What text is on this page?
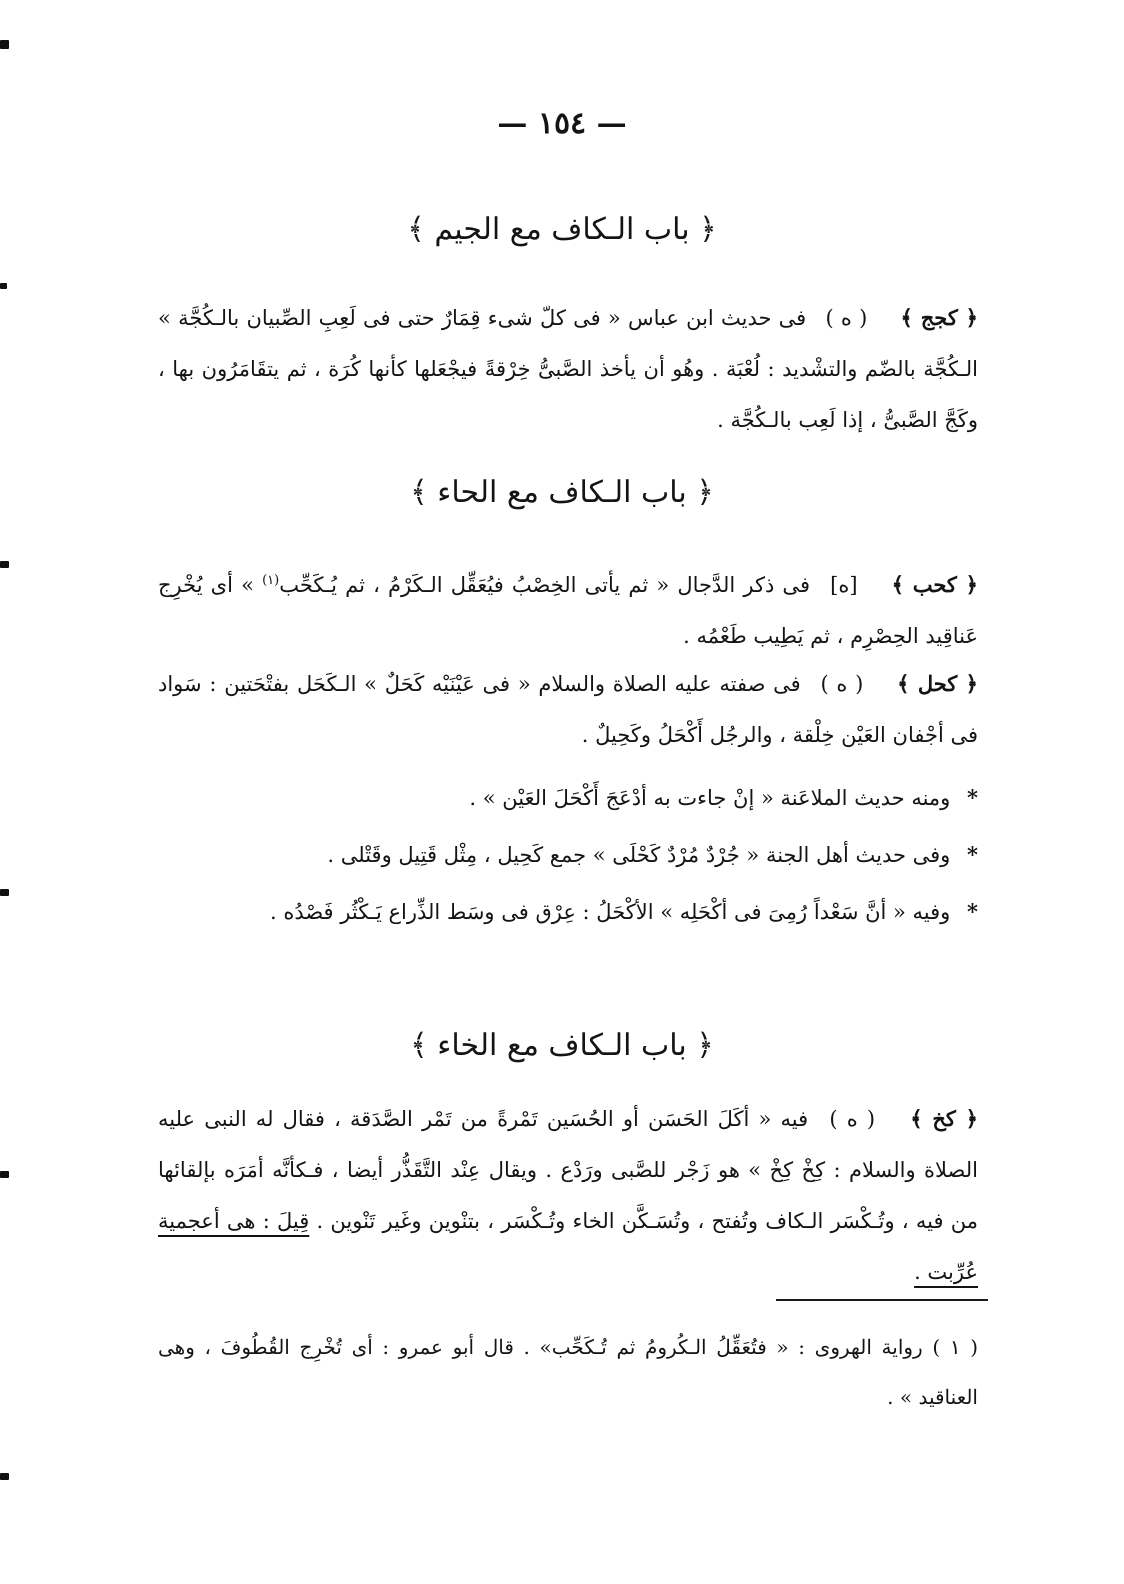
— ١٥٤ —
﴿ باب الـكاف مع الجيم ﴾
﴿ كجج ﴾ ( ه ) فى حديث ابن عباس « فى كلّ شىء قِمَارٌ حتى فى لَعِبِ الصِّبيان بالـكُجَّة » الـكُجَّة بالضّم والتشْديد : لُعْبَة . وهُو أن يأخذ الصَّبىُّ خِرْقةً فيجْعَلها كأنها كُرَة ، ثم يتقَامَرُون بها ، وكَجَّ الصَّبىُّ ، إذا لَعِب بالـكُجَّة .
﴿ باب الـكاف مع الحاء ﴾
﴿ كحب ﴾ [ه] فى ذكر الدَّجال « ثم يأتى الخِصْبُ فيُعَقِّل الـكَرْمُ ، ثم يُـكَحِّب$^{(١)}$ » أى يُخْرِج عَناقِيد الحِصْرِم ، ثم يَطِيب طَعْمُه .
﴿ كحل ﴾ ( ه ) فى صفته عليه الصلاة والسلام « فى عَيْنَيْه كَحَلٌ » الـكَحَل بفتْحَتين : سَواد فى أجْفان العَيْن خِلْقة ، والرجُل أَكْحَلُ وكَحِيلٌ .
* ومنه حديث الملاعَنة « إنْ جاءت به أدْعَجَ أَكْحَلَ العَيْن » .
* وفى حديث أهل الجنة « جُرْدٌ مُرْدٌ كَحْلَى » جمع كَحِيل ، مِثْل قَتِيل وقَتْلى .
* وفيه « أنَّ سَعْداً رُمِىَ فى أكْحَلِه » الأكْحَلُ : عِرْق فى وسَط الذِّراع يَـكْثُر فَصْدُه .
﴿ باب الـكاف مع الخاء ﴾
﴿ كخ ﴾ ( ه ) فيه « أكَلَ الحَسَن أو الحُسَين تَمْرةً من تَمْر الصَّدَقة ، فقال له النبى عليه الصلاة والسلام : كِخْ كِخْ » هو زَجْر للصَّبى ورَدْع . ويقال عِنْد التَّقَذُّر أيضا ، فـكأنَّه أمَرَه بإلقائها من فيه ، وتُـكْسَر الـكاف وتُفتح ، وتُسَـكَّن الخاء وتُـكْسَر ، بتنْوين وغَير تَنْوين . قِيلَ : هى أعجمية عُرِّبت .
( ١ ) رواية الهروى : « فتُعَقِّلُ الـكُرومُ ثم تُـكَحِّب» . قال أبو عمرو : أى تُخْرِج القُطُوفَ ، وهى العناقيد » .
